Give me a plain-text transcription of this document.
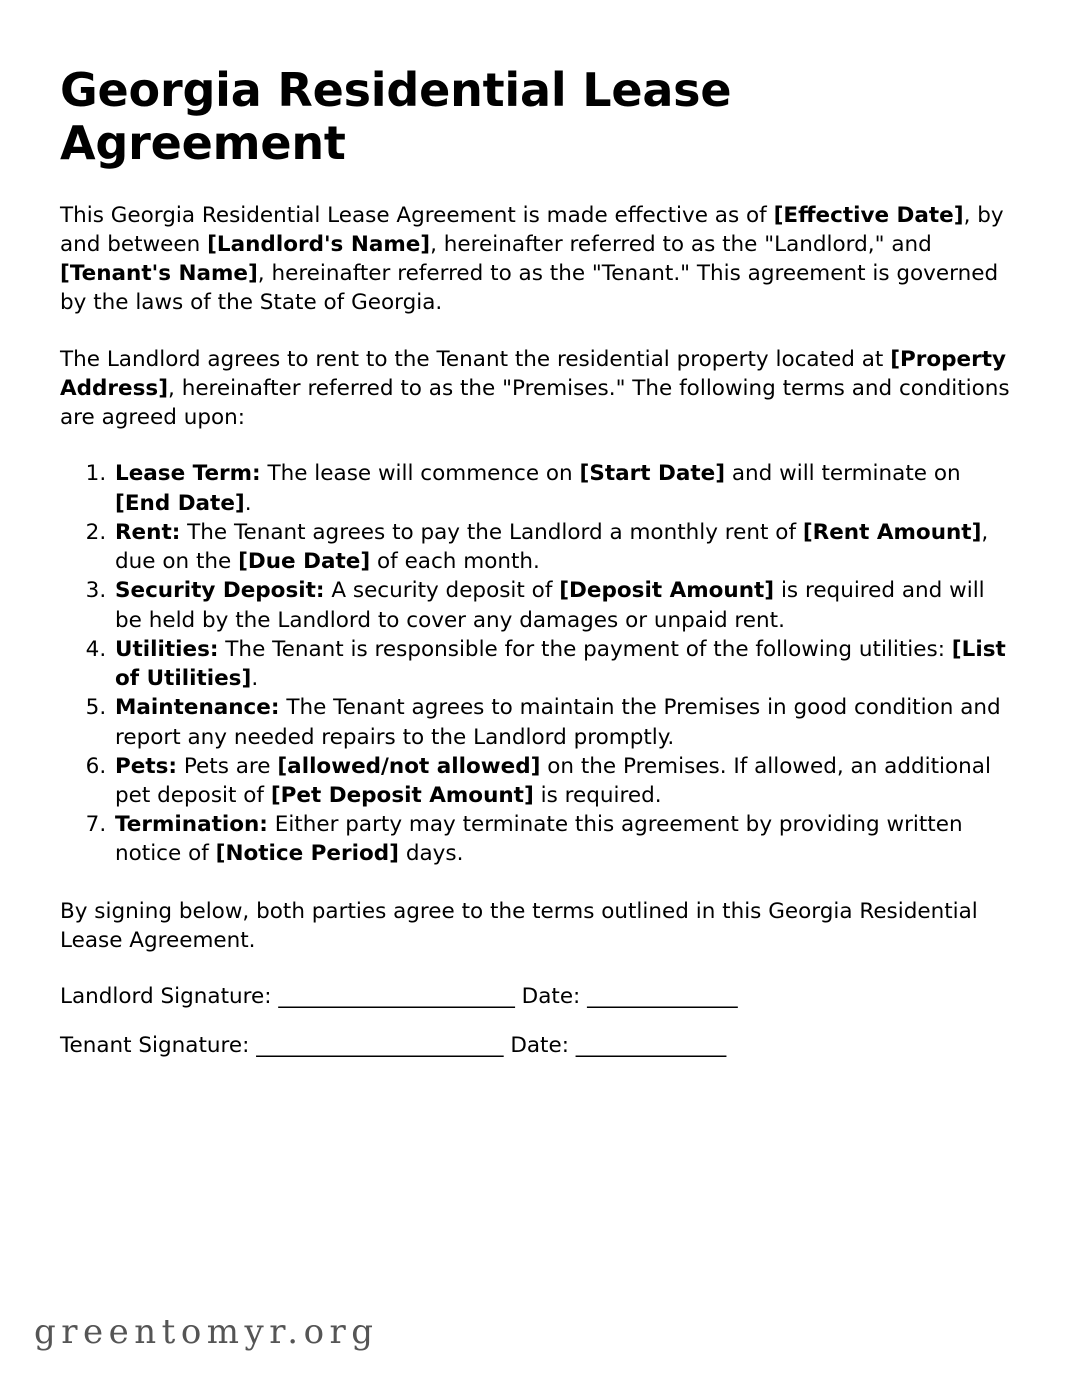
Georgia Residential Lease Agreement

This Georgia Residential Lease Agreement is made effective as of [Effective Date], by and between [Landlord's Name], hereinafter referred to as the "Landlord," and [Tenant's Name], hereinafter referred to as the "Tenant." This agreement is governed by the laws of the State of Georgia.

The Landlord agrees to rent to the Tenant the residential property located at [Property Address], hereinafter referred to as the "Premises." The following terms and conditions are agreed upon:

1. Lease Term: The lease will commence on [Start Date] and will terminate on [End Date].
2. Rent: The Tenant agrees to pay the Landlord a monthly rent of [Rent Amount], due on the [Due Date] of each month.
3. Security Deposit: A security deposit of [Deposit Amount] is required and will be held by the Landlord to cover any damages or unpaid rent.
4. Utilities: The Tenant is responsible for the payment of the following utilities: [List of Utilities].
5. Maintenance: The Tenant agrees to maintain the Premises in good condition and report any needed repairs to the Landlord promptly.
6. Pets: Pets are [allowed/not allowed] on the Premises. If allowed, an additional pet deposit of [Pet Deposit Amount] is required.
7. Termination: Either party may terminate this agreement by providing written notice of [Notice Period] days.

By signing below, both parties agree to the terms outlined in this Georgia Residential Lease Agreement.

Landlord Signature: ______________________ Date: ______________
Tenant Signature: _______________________ Date: ______________
greentomyr.org
